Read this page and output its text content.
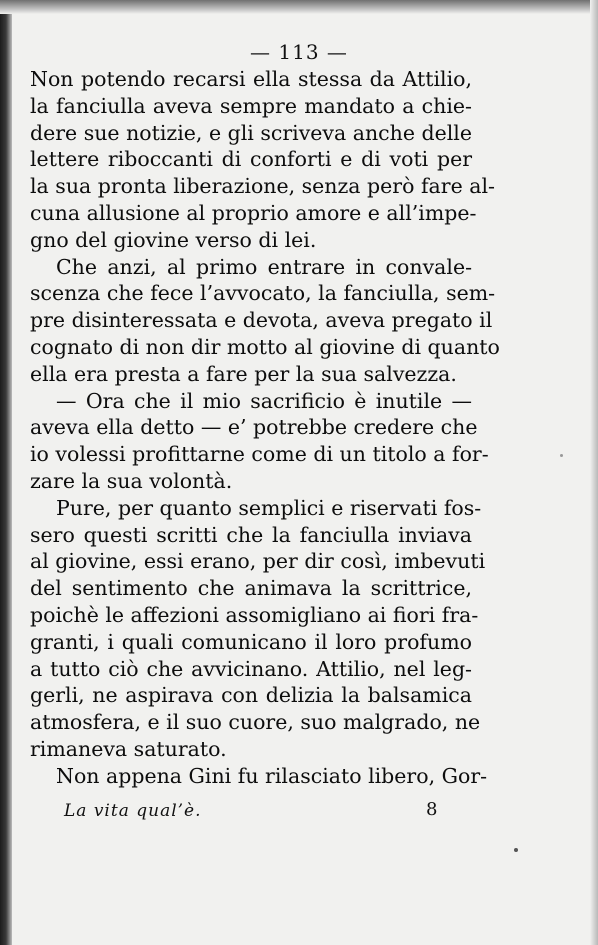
— 113 —
Non potendo recarsi ella stessa da Attilio,
la fanciulla aveva sempre mandato a chie-
dere sue notizie, e gli scriveva anche delle
lettere riboccanti di conforti e di voti per
la sua pronta liberazione, senza però fare al-
cuna allusione al proprio amore e all’impe-
gno del giovine verso di lei.
Che anzi, al primo entrare in convale-
scenza che fece l’avvocato, la fanciulla, sem-
pre disinteressata e devota, aveva pregato il
cognato di non dir motto al giovine di quanto
ella era presta a fare per la sua salvezza.
— Ora che il mio sacrificio è inutile —
aveva ella detto — e’ potrebbe credere che
io volessi profittarne come di un titolo a for-
zare la sua volontà.
Pure, per quanto semplici e riservati fos-
sero questi scritti che la fanciulla inviava
al giovine, essi erano, per dir così, imbevuti
del sentimento che animava la scrittrice,
poichè le affezioni assomigliano ai fiori fra-
granti, i quali comunicano il loro profumo
a tutto ciò che avvicinano. Attilio, nel leg-
gerli, ne aspirava con delizia la balsamica
atmosfera, e il suo cuore, suo malgrado, ne
rimaneva saturato.
Non appena Gini fu rilasciato libero, Gor-
La vita qual’è.	8
